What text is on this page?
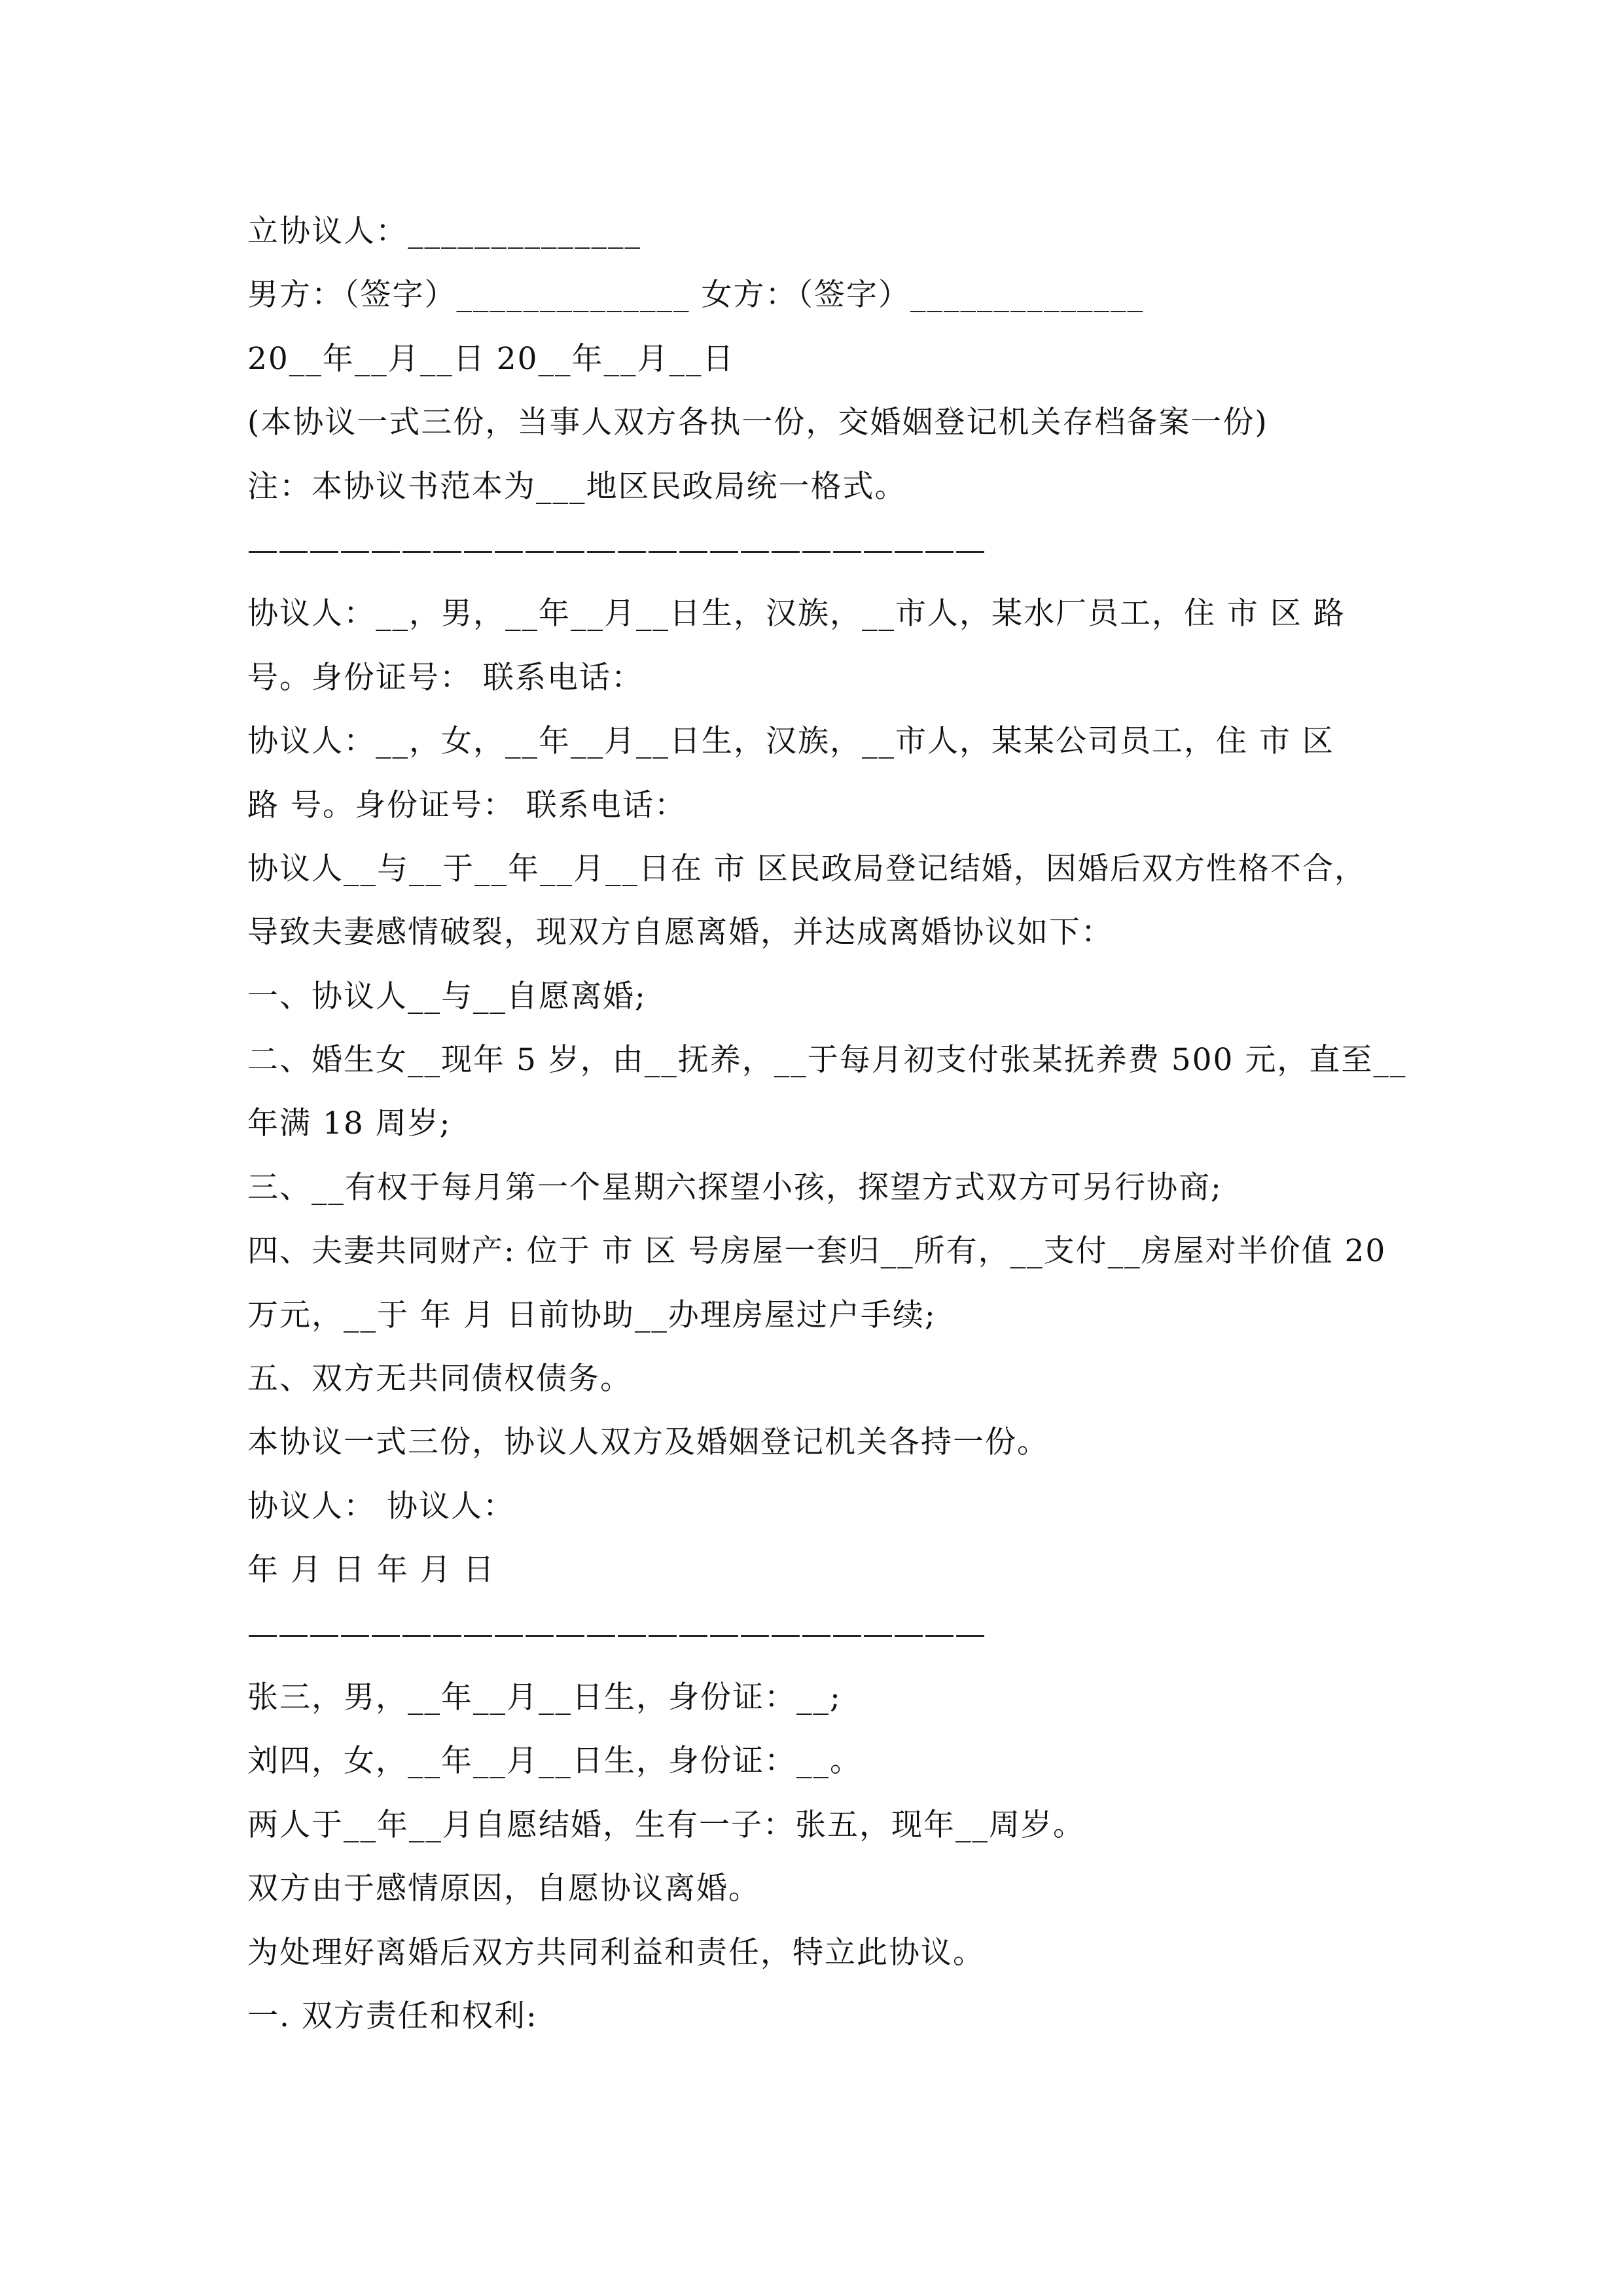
立协议人：______________
男方：（签字）______________ 女方：（签字）______________
20__年__月__日 20__年__月__日
(本协议一式三份，当事人双方各执一份，交婚姻登记机关存档备案一份)
注：本协议书范本为___地区民政局统一格式。
————————————————————————
协议人：__，男，__年__月__日生，汉族，__市人，某水厂员工，住 市 区 路
号。身份证号： 联系电话：
协议人：__，女，__年__月__日生，汉族，__市人，某某公司员工，住 市 区
路 号。身份证号： 联系电话：
协议人__与__于__年__月__日在 市 区民政局登记结婚，因婚后双方性格不合，
导致夫妻感情破裂，现双方自愿离婚，并达成离婚协议如下：
一、协议人__与__自愿离婚;
二、婚生女__现年 5 岁，由__抚养，__于每月初支付张某抚养费 500 元，直至__
年满 18 周岁;
三、__有权于每月第一个星期六探望小孩，探望方式双方可另行协商;
四、夫妻共同财产: 位于 市 区 号房屋一套归__所有，__支付__房屋对半价值 20
万元，__于 年 月 日前协助__办理房屋过户手续;
五、双方无共同债权债务。
本协议一式三份，协议人双方及婚姻登记机关各持一份。
协议人： 协议人：
年 月 日 年 月 日
————————————————————————
张三，男，__年__月__日生，身份证：__;
刘四，女，__年__月__日生，身份证：__。
两人于__年__月自愿结婚，生有一子：张五，现年__周岁。
双方由于感情原因，自愿协议离婚。
为处理好离婚后双方共同利益和责任，特立此协议。
一. 双方责任和权利:
